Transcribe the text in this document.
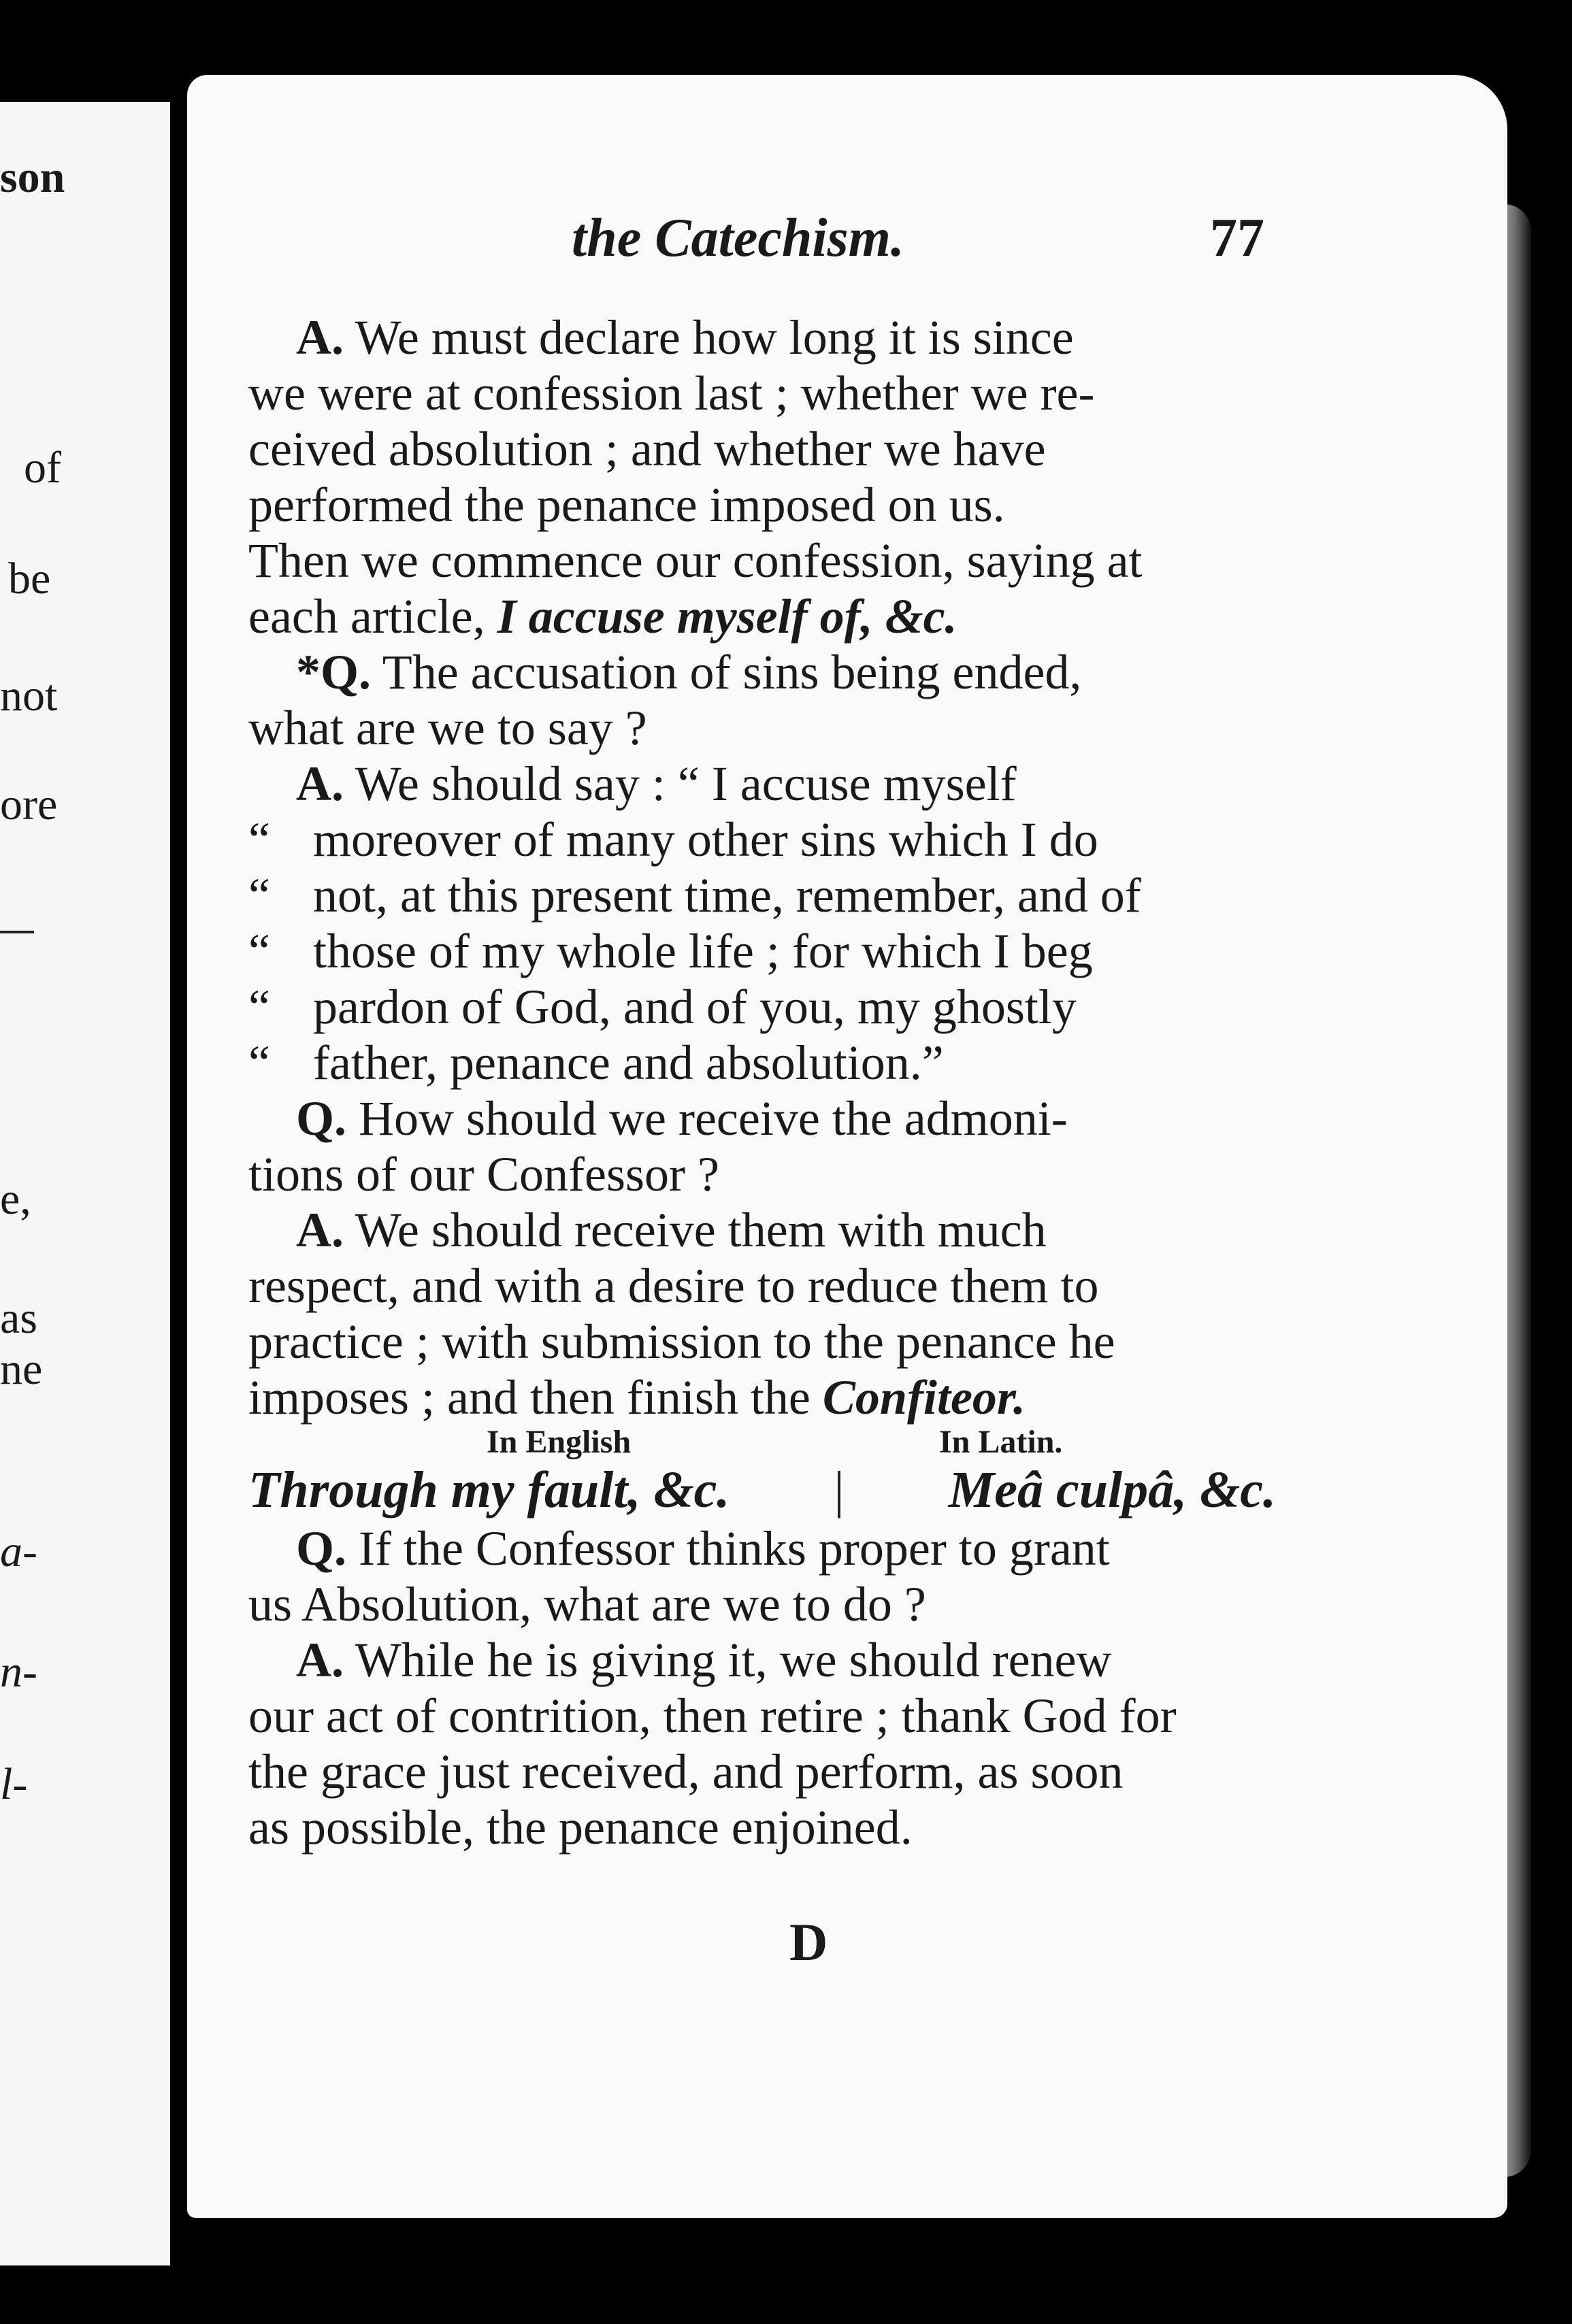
son
of
be
not
ore
e,
as
ne
a-
n-
l-
the Catechism.	77
A. We must declare how long it is since
we were at confession last ; whether we re-
ceived absolution ; and whether we have
performed the penance imposed on us.
Then we commence our confession, saying at
each article,
I accuse myself of, &c.
*Q. The accusation of sins being ended,
what are we to say ?
A. We should say : “ I accuse myself
“ moreover of many other sins which I do
“ not, at this present time, remember, and of
“ those of my whole life ; for which I beg
“ pardon of God, and of you, my ghostly
“ father, penance and absolution.”
Q. How should we receive the admoni-
tions of our Confessor ?
A. We should receive them with much
respect, and with a desire to reduce them to
practice ; with submission to the penance he
imposes ; and then finish the
Confiteor.
In English	In Latin.
Through my fault, &c. | Meâ culpâ, &c.
Q. If the Confessor thinks proper to grant
us Absolution, what are we to do ?
A. While he is giving it, we should renew
our act of contrition, then retire ; thank God for
the grace just received, and perform, as soon
as possible, the penance enjoined.
D
